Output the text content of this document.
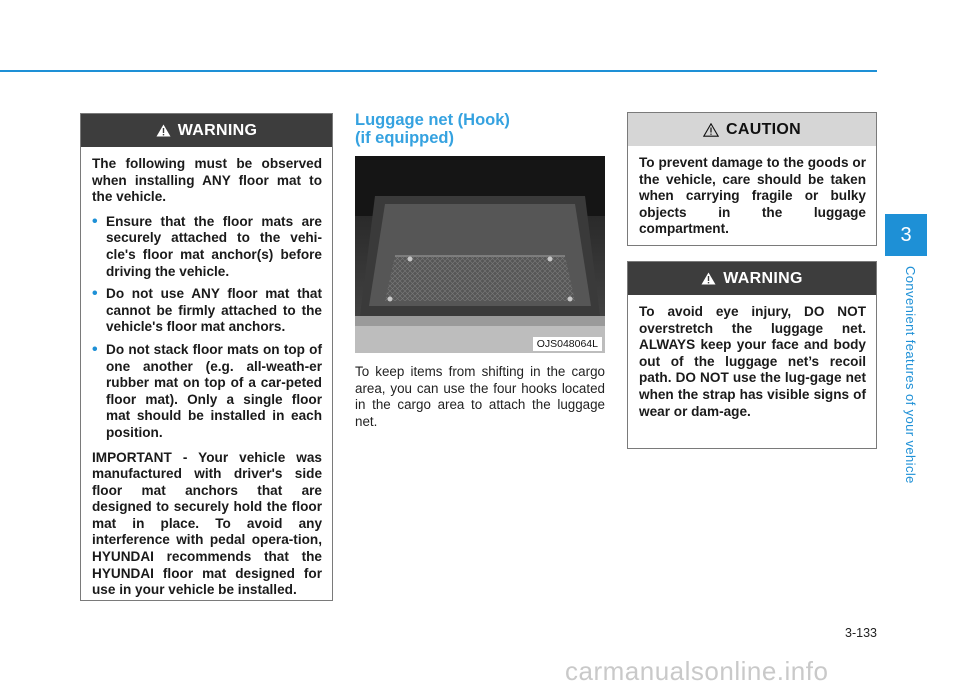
WARNING

The following must be observed when installing ANY floor mat to the vehicle.

• Ensure that the floor mats are securely attached to the vehi-cle's floor mat anchor(s) before driving the vehicle.
• Do not use ANY floor mat that cannot be firmly attached to the vehicle's floor mat anchors.
• Do not stack floor mats on top of one another (e.g. all-weath-er rubber mat on top of a car-peted floor mat). Only a single floor mat should be installed in each position.

IMPORTANT - Your vehicle was manufactured with driver's side floor mat anchors that are designed to securely hold the floor mat in place. To avoid any interference with pedal opera-tion, HYUNDAI recommends that the HYUNDAI floor mat designed for use in your vehicle be installed.

Luggage net (Hook)
(if equipped)
OJS048064L
To keep items from shifting in the cargo area, you can use the four hooks located in the cargo area to attach the luggage net.
CAUTION

To prevent damage to the goods or the vehicle, care should be taken when carrying fragile or bulky objects in the luggage compartment.

WARNING

To avoid eye injury, DO NOT overstretch the luggage net. ALWAYS keep your face and body out of the luggage net’s recoil path. DO NOT use the lug-gage net when the strap has visible signs of wear or dam-age.

3
Convenient features of your vehicle
3-133
carmanualsonline.info
